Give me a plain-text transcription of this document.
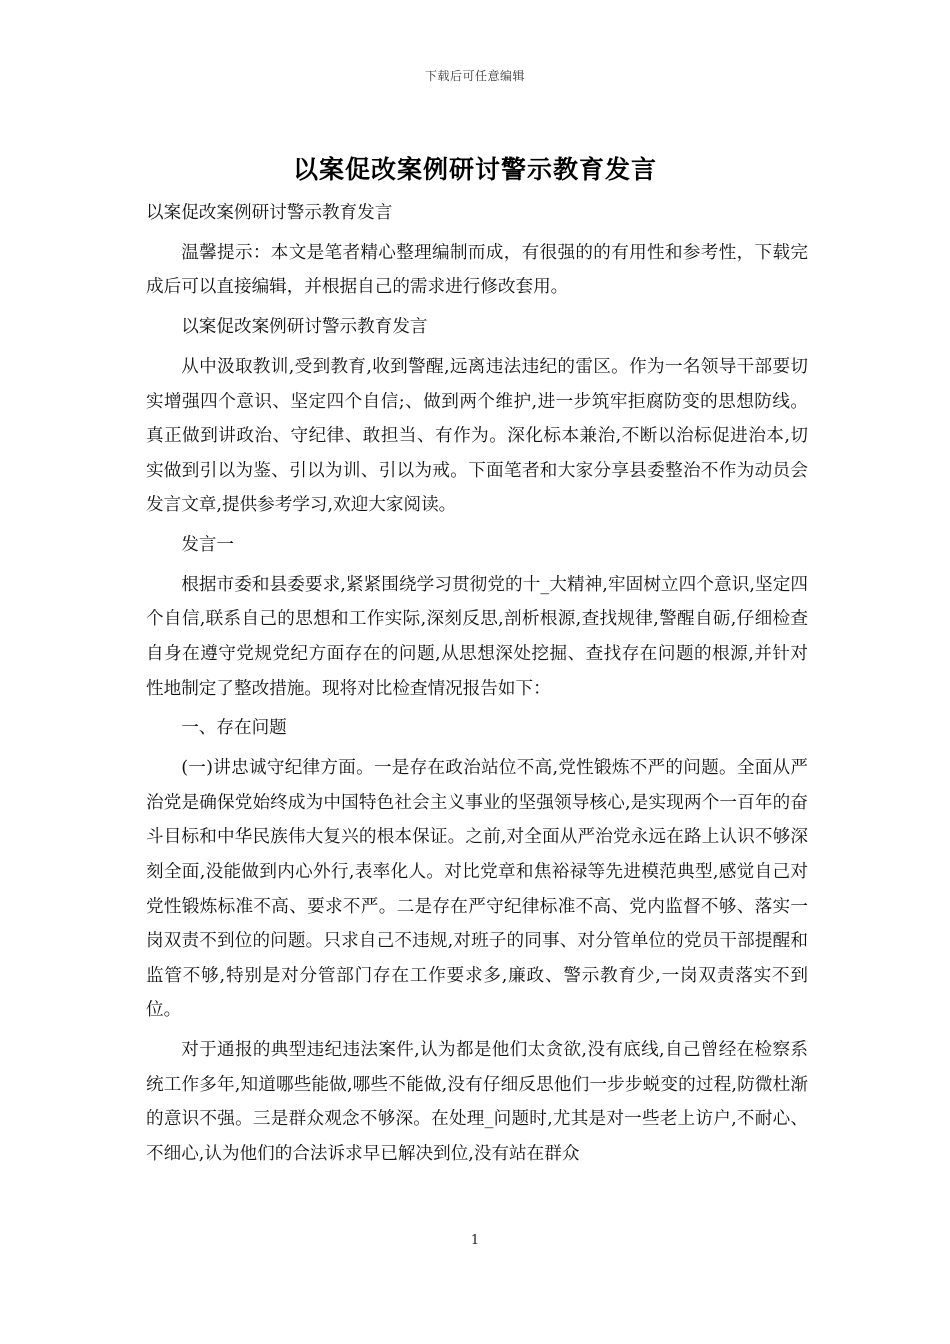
下载后可任意编辑
以案促改案例研讨警示教育发言

以案促改案例研讨警示教育发言

温馨提示：本文是笔者精心整理编制而成，有很强的的有用性和参考性，下载完成后可以直接编辑，并根据自己的需求进行修改套用。

以案促改案例研讨警示教育发言

从中汲取教训,受到教育,收到警醒,远离违法违纪的雷区。作为一名领导干部要切实增强四个意识、坚定四个自信;、做到两个维护,进一步筑牢拒腐防变的思想防线。真正做到讲政治、守纪律、敢担当、有作为。深化标本兼治,不断以治标促进治本,切实做到引以为鉴、引以为训、引以为戒。下面笔者和大家分享县委整治不作为动员会发言文章,提供参考学习,欢迎大家阅读。

发言一

根据市委和县委要求,紧紧围绕学习贯彻党的十_大精神,牢固树立四个意识,坚定四个自信,联系自己的思想和工作实际,深刻反思,剖析根源,查找规律,警醒自砺,仔细检查自身在遵守党规党纪方面存在的问题,从思想深处挖掘、查找存在问题的根源,并针对性地制定了整改措施。现将对比检查情况报告如下：

一、存在问题

(一)讲忠诚守纪律方面。一是存在政治站位不高,党性锻炼不严的问题。全面从严治党是确保党始终成为中国特色社会主义事业的坚强领导核心,是实现两个一百年的奋斗目标和中华民族伟大复兴的根本保证。之前,对全面从严治党永远在路上认识不够深刻全面,没能做到内心外行,表率化人。对比党章和焦裕禄等先进模范典型,感觉自己对党性锻炼标准不高、要求不严。二是存在严守纪律标准不高、党内监督不够、落实一岗双责不到位的问题。只求自己不违规,对班子的同事、对分管单位的党员干部提醒和监管不够,特别是对分管部门存在工作要求多,廉政、警示教育少,一岗双责落实不到位。

对于通报的典型违纪违法案件,认为都是他们太贪欲,没有底线,自己曾经在检察系统工作多年,知道哪些能做,哪些不能做,没有仔细反思他们一步步蜕变的过程,防微杜渐的意识不强。三是群众观念不够深。在处理_问题时,尤其是对一些老上访户,不耐心、不细心,认为他们的合法诉求早已解决到位,没有站在群众

1
